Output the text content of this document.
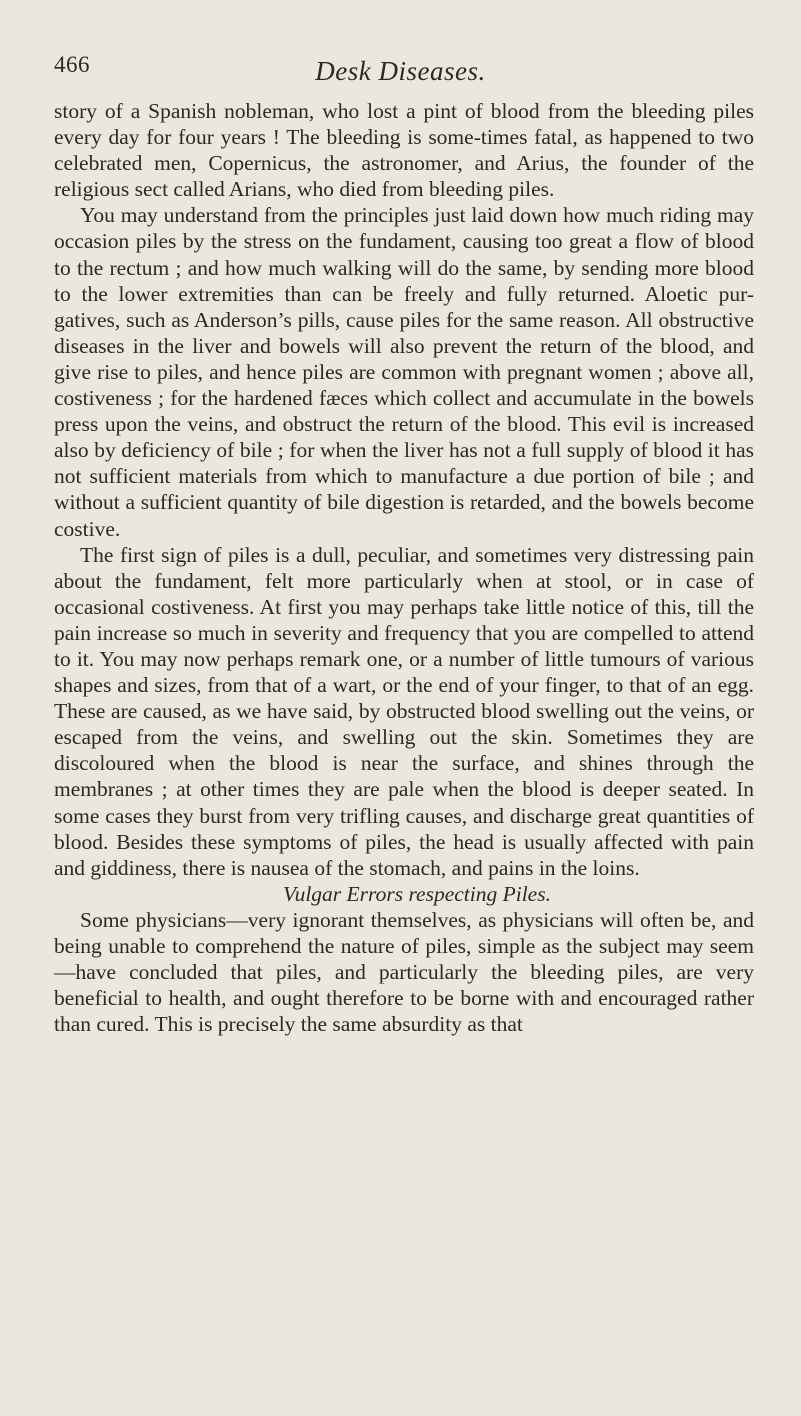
466	Desk Diseases.

story of a Spanish nobleman, who lost a pint of blood from the bleeding piles every day for four years ! The bleeding is some-times fatal, as happened to two celebrated men, Copernicus, the astronomer, and Arius, the founder of the religious sect called Arians, who died from bleeding piles.

You may understand from the principles just laid down how much riding may occasion piles by the stress on the fundament, causing too great a flow of blood to the rectum ; and how much walking will do the same, by sending more blood to the lower extremities than can be freely and fully returned. Aloetic pur-gatives, such as Anderson’s pills, cause piles for the same reason. All obstructive diseases in the liver and bowels will also prevent the return of the blood, and give rise to piles, and hence piles are common with pregnant women ; above all, costiveness ; for the hardened fæces which collect and accumulate in the bowels press upon the veins, and obstruct the return of the blood. This evil is increased also by deficiency of bile ; for when the liver has not a full supply of blood it has not sufficient materials from which to manufacture a due portion of bile ; and without a sufficient quantity of bile digestion is retarded, and the bowels become costive.

The first sign of piles is a dull, peculiar, and sometimes very distressing pain about the fundament, felt more particularly when at stool, or in case of occasional costiveness. At first you may perhaps take little notice of this, till the pain increase so much in severity and frequency that you are compelled to attend to it. You may now perhaps remark one, or a number of little tumours of various shapes and sizes, from that of a wart, or the end of your finger, to that of an egg. These are caused, as we have said, by obstructed blood swelling out the veins, or escaped from the veins, and swelling out the skin. Sometimes they are discoloured when the blood is near the surface, and shines through the membranes ; at other times they are pale when the blood is deeper seated. In some cases they burst from very trifling causes, and discharge great quantities of blood. Besides these symptoms of piles, the head is usually affected with pain and giddiness, there is nausea of the stomach, and pains in the loins.

Vulgar Errors respecting Piles.

Some physicians—very ignorant themselves, as physicians will often be, and being unable to comprehend the nature of piles, simple as the subject may seem—have concluded that piles, and particularly the bleeding piles, are very beneficial to health, and ought therefore to be borne with and encouraged rather than cured. This is precisely the same absurdity as that
